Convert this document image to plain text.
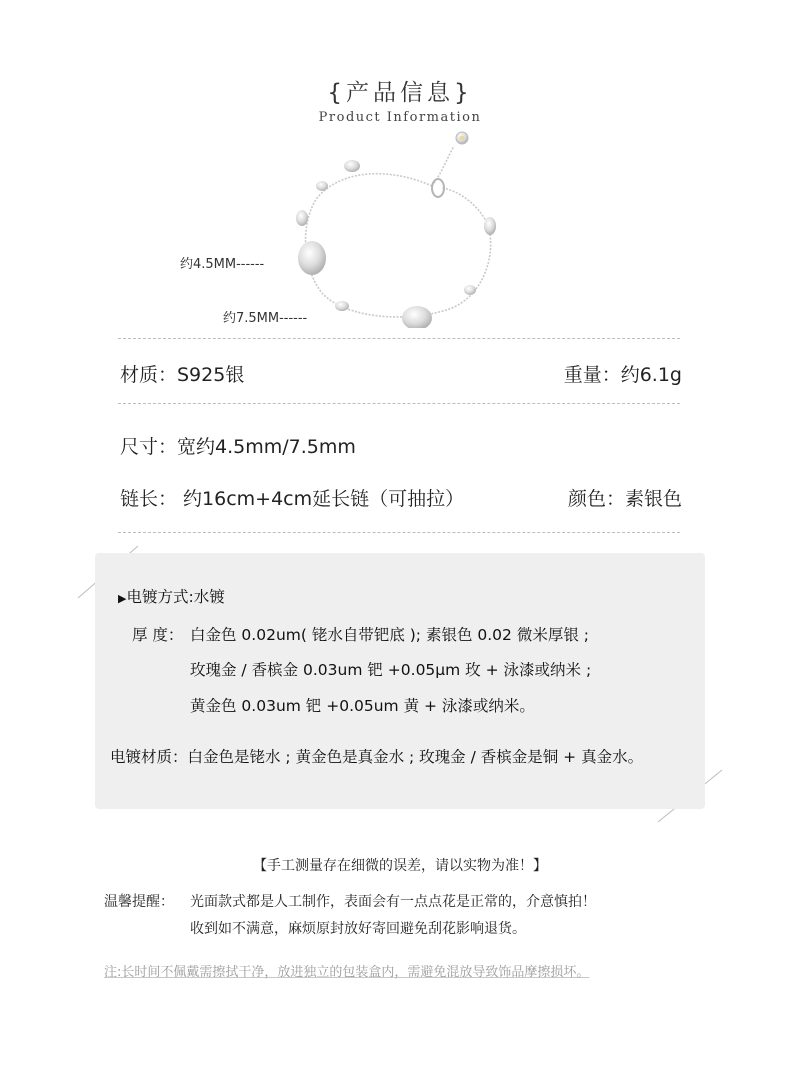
{产品信息}
Product Information
约4.5MM------
约7.5MM------
材质：S925银	重量：约6.1g
尺寸：宽约4.5mm/7.5mm
链长： 约16cm+4cm延长链（可抽拉）	颜色：素银色
▶电镀方式:水镀
厚 度： 白金色 0.02um( 铑水自带钯底 ); 素银色 0.02 微米厚银 ;
玫瑰金 / 香槟金 0.03um 钯 +0.05μm 玫 + 泳漆或纳米 ;
黄金色 0.03um 钯 +0.05um 黄 + 泳漆或纳米。
电镀材质：白金色是铑水 ; 黄金色是真金水 ; 玫瑰金 / 香槟金是铜 + 真金水。
【手工测量存在细微的误差，请以实物为准！】
温馨提醒： 光面款式都是人工制作，表面会有一点点花是正常的，介意慎拍！
收到如不满意，麻烦原封放好寄回避免刮花影响退货。
注:长时间不佩戴需擦拭干净，放进独立的包装盒内，需避免混放导致饰品摩擦损坏。
